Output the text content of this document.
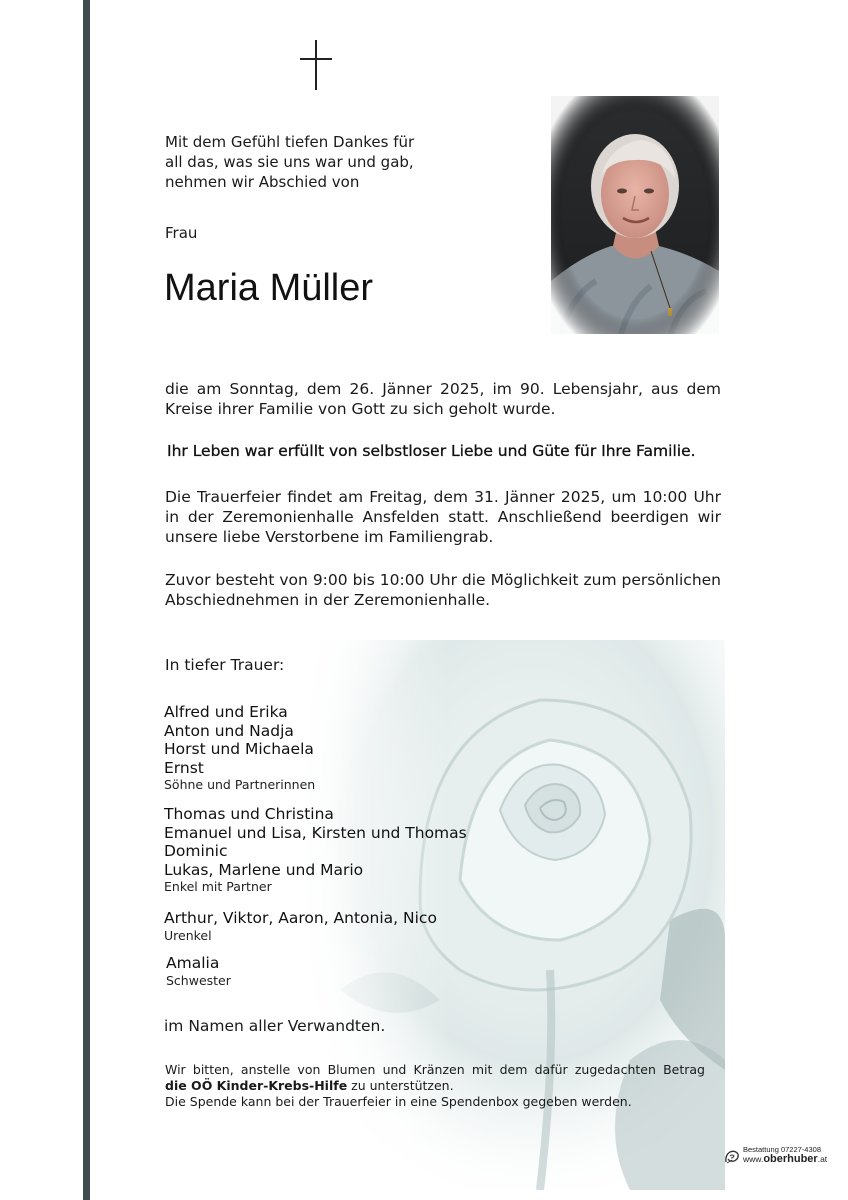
Mit dem Gefühl tiefen Dankes für
all das, was sie uns war und gab,
nehmen wir Abschied von
Frau
Maria Müller
die am Sonntag, dem 26. Jänner 2025, im 90. Lebensjahr, aus dem Kreise ihrer Familie von Gott zu sich geholt wurde.
Ihr Leben war erfüllt von selbstloser Liebe und Güte für Ihre Familie.
Die Trauerfeier findet am Freitag, dem 31. Jänner 2025, um 10:00 Uhr in der Zeremonienhalle Ansfelden statt. Anschließend beerdigen wir unsere liebe Verstorbene im Familiengrab.
Zuvor besteht von 9:00 bis 10:00 Uhr die Möglichkeit zum persönlichen Abschiednehmen in der Zeremonienhalle.
In tiefer Trauer:
Alfred und Erika
Anton und Nadja
Horst und Michaela
Ernst
Söhne und Partnerinnen
Thomas und Christina
Emanuel und Lisa, Kirsten und Thomas
Dominic
Lukas, Marlene und Mario
Enkel mit Partner
Arthur, Viktor, Aaron, Antonia, Nico
Urenkel
Amalia
Schwester
im Namen aller Verwandten.
Wir bitten, anstelle von Blumen und Kränzen mit dem dafür zugedachten Betrag
die OÖ Kinder-Krebs-Hilfe zu unterstützen.
Die Spende kann bei der Trauerfeier in eine Spendenbox gegeben werden.
Bestattung 07227-4308
www.oberhuber.at
